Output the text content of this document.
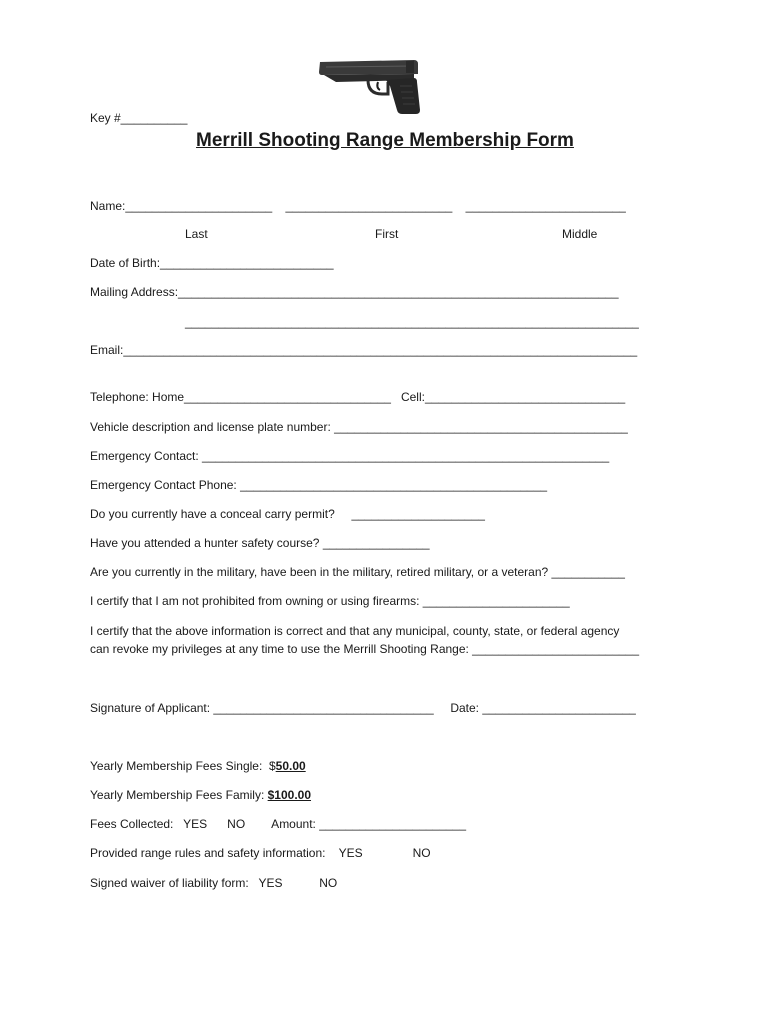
Key #__________
Merrill Shooting Range Membership Form
Name:______________________    _________________________    ________________________
Last	First	Middle
Date of Birth:__________________________
Mailing Address:__________________________________________________________________
____________________________________________________________________
Email:_____________________________________________________________________________
Telephone: Home_______________________________   Cell:______________________________
Vehicle description and license plate number: ____________________________________________
Emergency Contact: _____________________________________________________________
Emergency Contact Phone: ______________________________________________
Do you currently have a conceal carry permit?     ____________________
Have you attended a hunter safety course? ________________
Are you currently in the military, have been in the military, retired military, or a veteran? ___________
I certify that I am not prohibited from owning or using firearms: ______________________
I certify that the above information is correct and that any municipal, county, state, or federal agency
can revoke my privileges at any time to use the Merrill Shooting Range: _________________________
Signature of Applicant: _________________________________     Date: _______________________
Yearly Membership Fees Single:  $50.00
Yearly Membership Fees Family: $100.00
Fees Collected:   YES      NO        Amount: ______________________
Provided range rules and safety information:    YES               NO
Signed waiver of liability form:   YES           NO
